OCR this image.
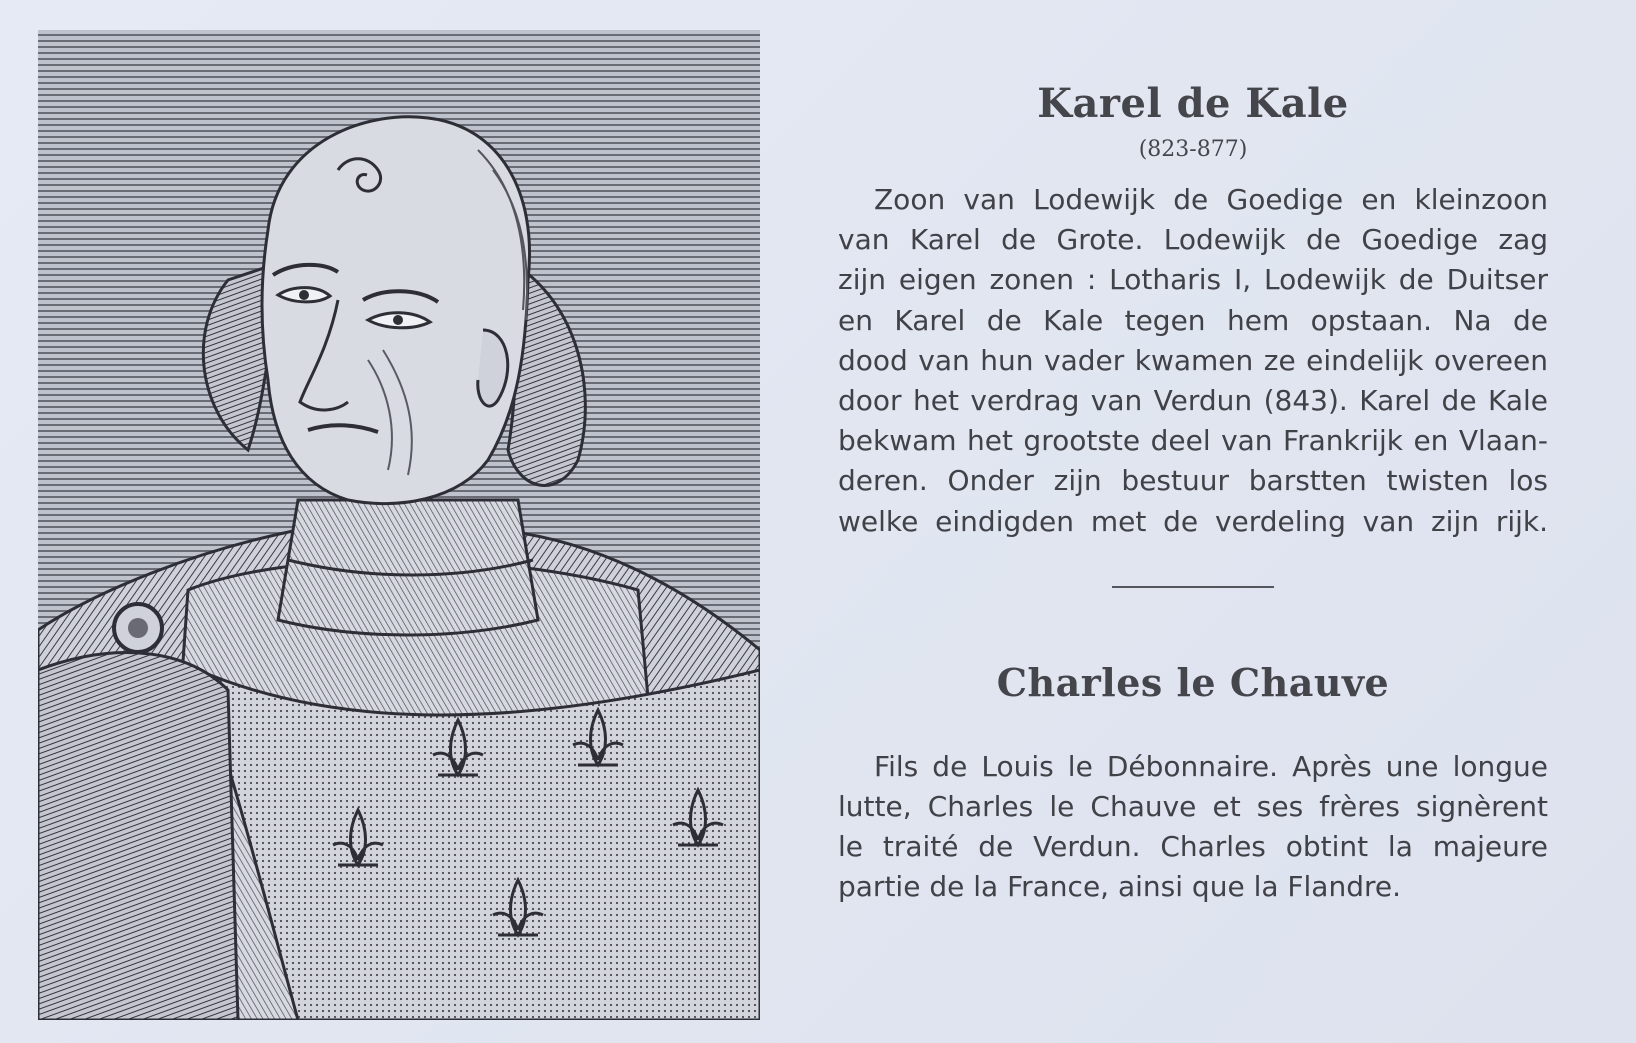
Karel de Kale
(823-877)

Zoon van Lodewijk de Goedige en kleinzoon
van Karel de Grote. Lodewijk de Goedige zag
zijn eigen zonen : Lotharis I, Lodewijk de Duitser
en Karel de Kale tegen hem opstaan. Na de
dood van hun vader kwamen ze eindelijk overeen
door het verdrag van Verdun (843). Karel de Kale
bekwam het grootste deel van Frankrijk en Vlaan-
deren. Onder zijn bestuur barstten twisten los
welke eindigden met de verdeling van zijn rijk.

Charles le Chauve

Fils de Louis le Débonnaire. Après une longue
lutte, Charles le Chauve et ses frères signèrent
le traité de Verdun. Charles obtint la majeure
partie de la France, ainsi que la Flandre.
